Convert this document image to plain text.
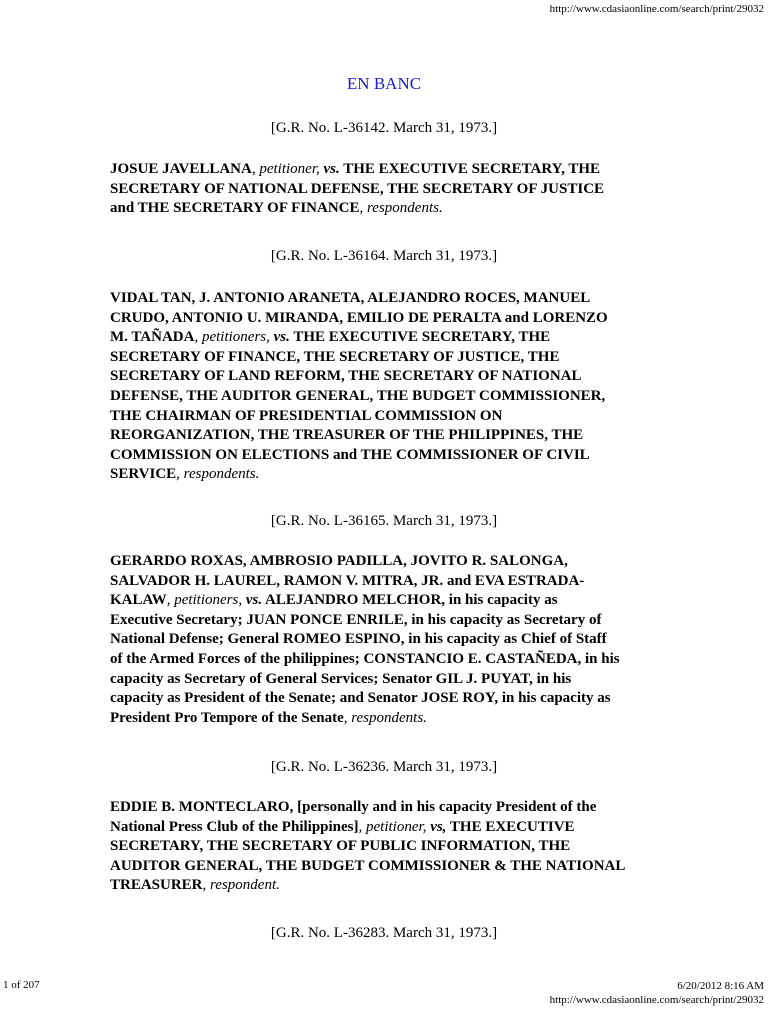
http://www.cdasiaonline.com/search/print/29032
EN BANC
[G.R. No. L-36142. March 31, 1973.]
JOSUE JAVELLANA, petitioner, vs. THE EXECUTIVE SECRETARY, THE
SECRETARY OF NATIONAL DEFENSE, THE SECRETARY OF JUSTICE
and THE SECRETARY OF FINANCE, respondents.
[G.R. No. L-36164. March 31, 1973.]
VIDAL TAN, J. ANTONIO ARANETA, ALEJANDRO ROCES, MANUEL
CRUDO, ANTONIO U. MIRANDA, EMILIO DE PERALTA and LORENZO
M. TAÑADA, petitioners, vs. THE EXECUTIVE SECRETARY, THE
SECRETARY OF FINANCE, THE SECRETARY OF JUSTICE, THE
SECRETARY OF LAND REFORM, THE SECRETARY OF NATIONAL
DEFENSE, THE AUDITOR GENERAL, THE BUDGET COMMISSIONER,
THE CHAIRMAN OF PRESIDENTIAL COMMISSION ON
REORGANIZATION, THE TREASURER OF THE PHILIPPINES, THE
COMMISSION ON ELECTIONS and THE COMMISSIONER OF CIVIL
SERVICE, respondents.
[G.R. No. L-36165. March 31, 1973.]
GERARDO ROXAS, AMBROSIO PADILLA, JOVITO R. SALONGA,
SALVADOR H. LAUREL, RAMON V. MITRA, JR. and EVA ESTRADA-
KALAW, petitioners, vs. ALEJANDRO MELCHOR, in his capacity as
Executive Secretary; JUAN PONCE ENRILE, in his capacity as Secretary of
National Defense; General ROMEO ESPINO, in his capacity as Chief of Staff
of the Armed Forces of the philippines; CONSTANCIO E. CASTAÑEDA, in his
capacity as Secretary of General Services; Senator GIL J. PUYAT, in his
capacity as President of the Senate; and Senator JOSE ROY, in his capacity as
President Pro Tempore of the Senate, respondents.
[G.R. No. L-36236. March 31, 1973.]
EDDIE B. MONTECLARO, [personally and in his capacity President of the
National Press Club of the Philippines], petitioner, vs, THE EXECUTIVE
SECRETARY, THE SECRETARY OF PUBLIC INFORMATION, THE
AUDITOR GENERAL, THE BUDGET COMMISSIONER & THE NATIONAL
TREASURER, respondent.
[G.R. No. L-36283. March 31, 1973.]
1 of 207	6/20/2012 8:16 AM
http://www.cdasiaonline.com/search/print/29032
